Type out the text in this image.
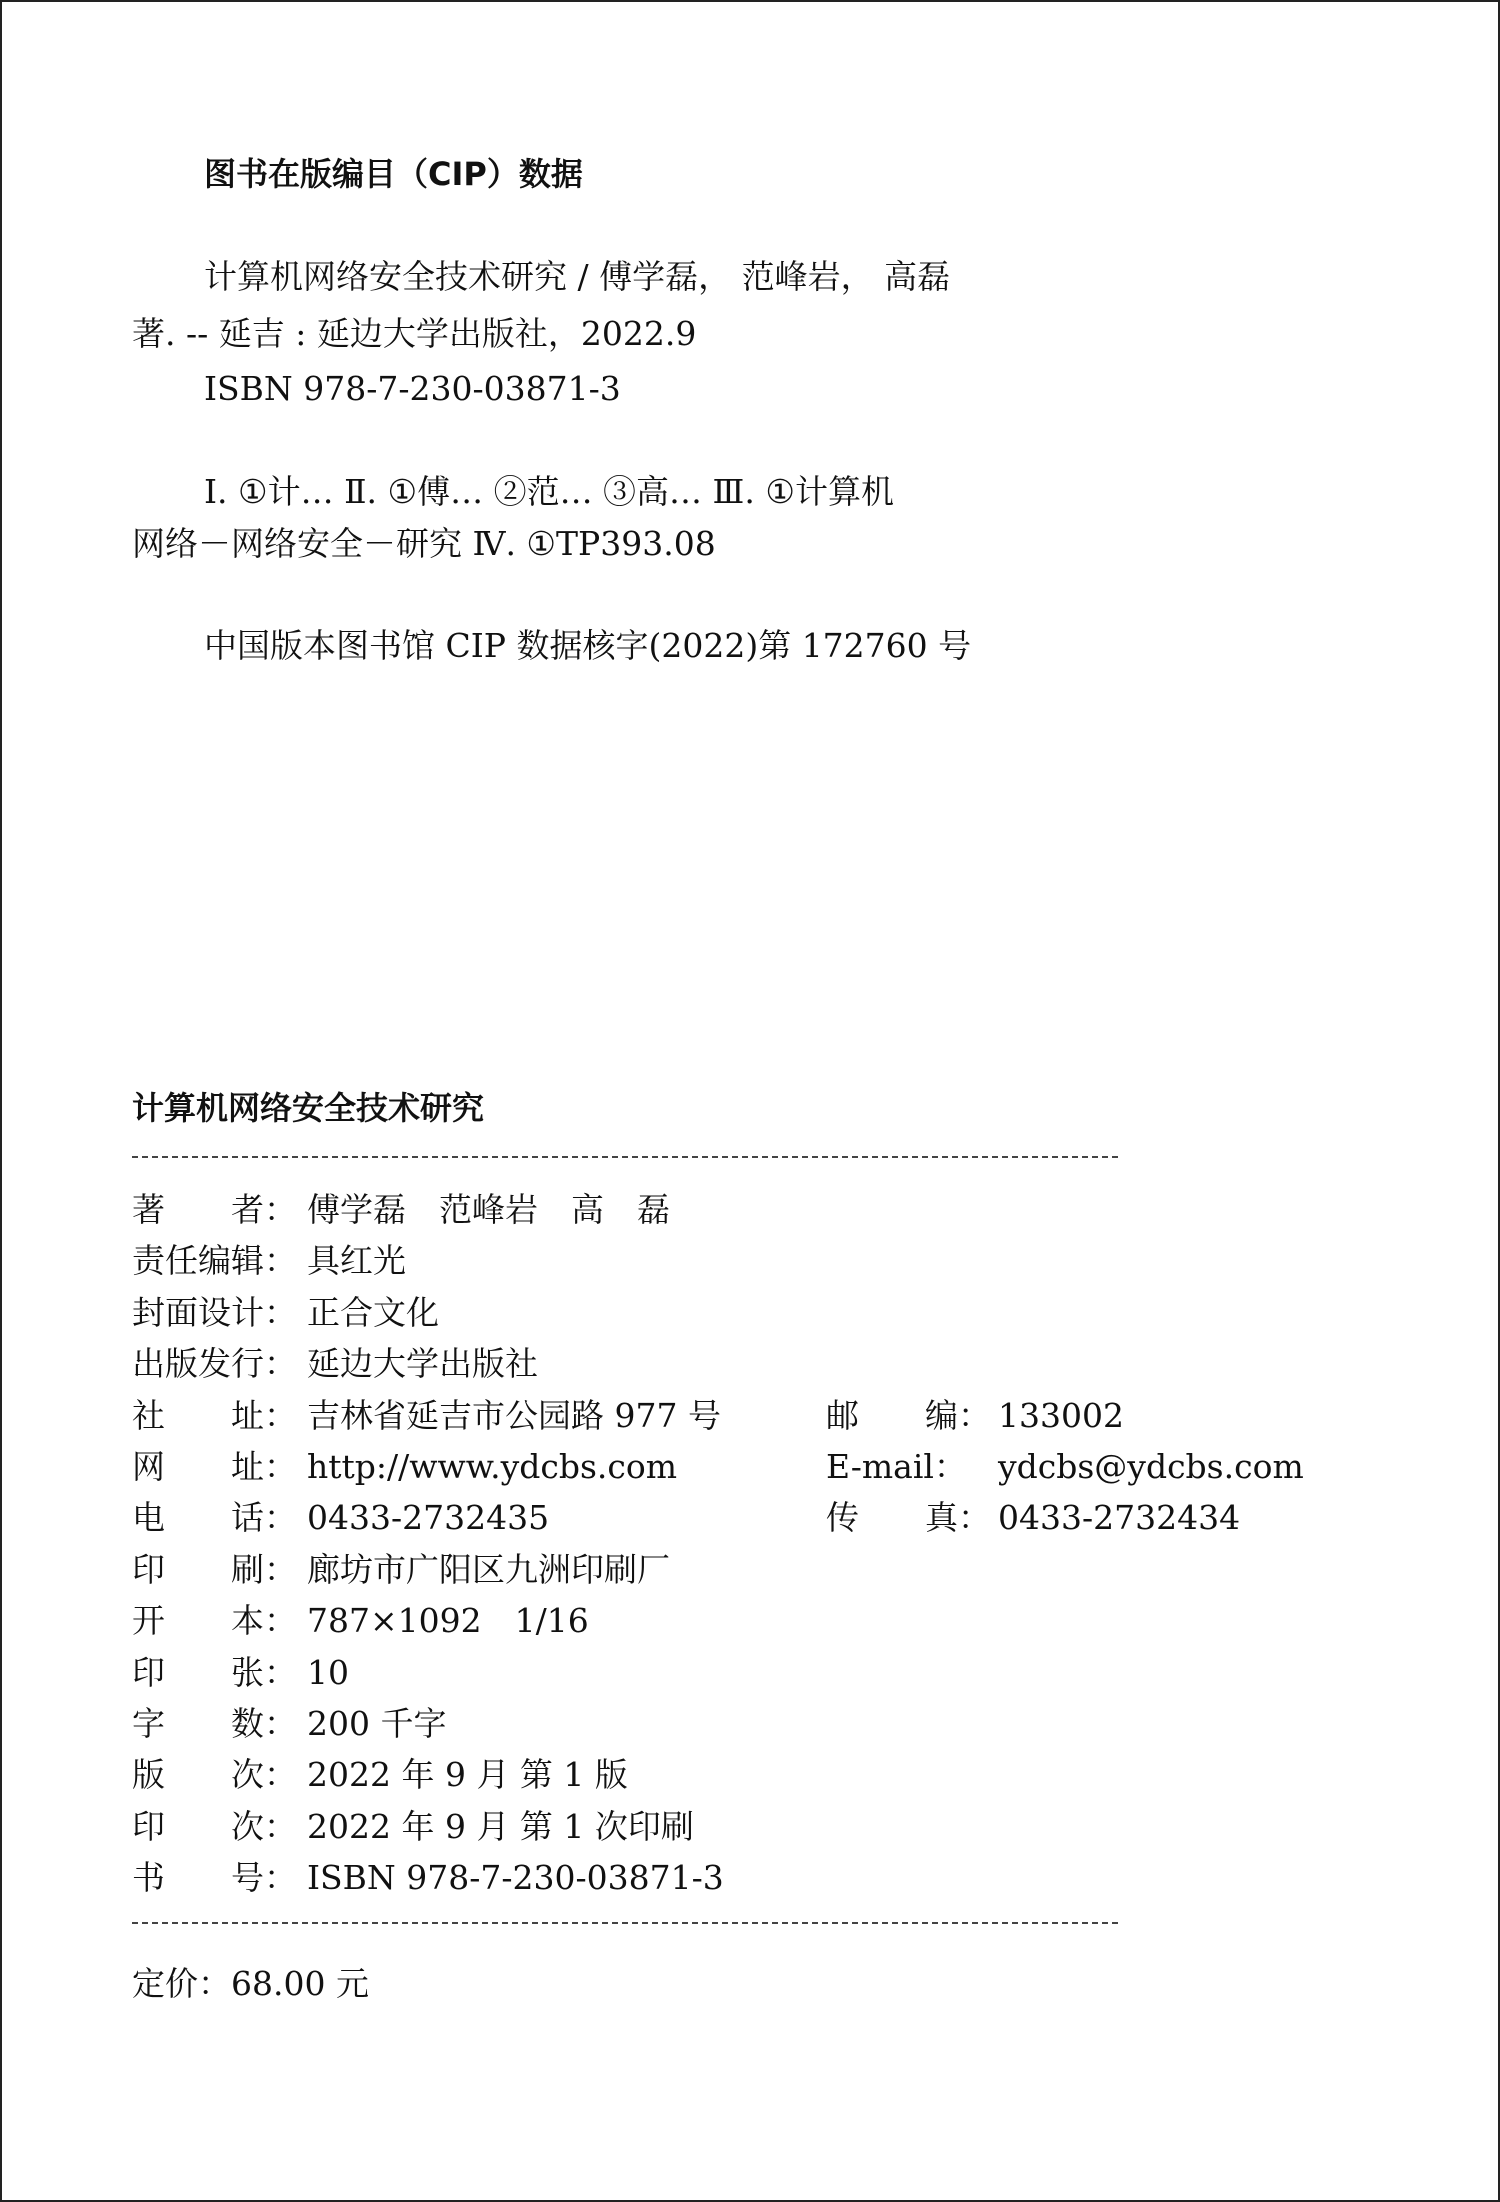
图书在版编目（CIP）数据
计算机网络安全技术研究 / 傅学磊， 范峰岩， 高磊
著. -- 延吉 : 延边大学出版社，2022.9
ISBN 978-7-230-03871-3
Ⅰ. ①计… Ⅱ. ①傅… ②范… ③高… Ⅲ. ①计算机
网络－网络安全－研究 Ⅳ. ①TP393.08
中国版本图书馆 CIP 数据核字(2022)第 172760 号
计算机网络安全技术研究
著　　者： 傅学磊　范峰岩　高　磊
责任编辑： 具红光
封面设计： 正合文化
出版发行： 延边大学出版社
社　　址： 吉林省延吉市公园路 977 号	邮　　编： 133002
网　　址： http://www.ydcbs.com	E-mail： ydcbs@ydcbs.com
电　　话： 0433-2732435	传　　真： 0433-2732434
印　　刷： 廊坊市广阳区九洲印刷厂
开　　本： 787×1092　1/16
印　　张： 10
字　　数： 200 千字
版　　次： 2022 年 9 月 第 1 版
印　　次： 2022 年 9 月 第 1 次印刷
书　　号： ISBN 978-7-230-03871-3
定价：68.00 元
